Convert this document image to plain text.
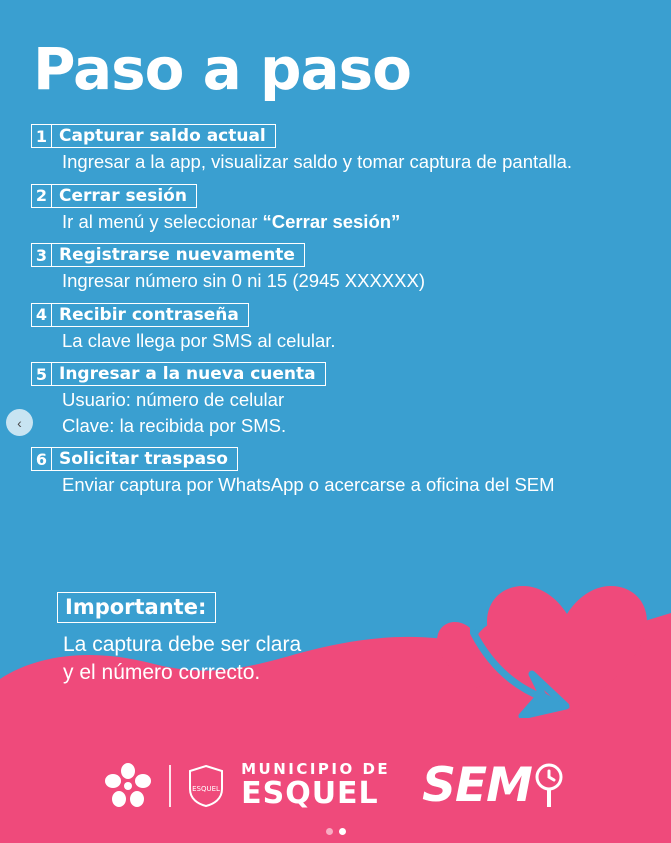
Paso a paso
1 Capturar saldo actual
Ingresar a la app, visualizar saldo y tomar captura de pantalla.
2 Cerrar sesión
Ir al menú y seleccionar “Cerrar sesión”
3 Registrarse nuevamente
Ingresar número sin 0 ni 15 (2945 XXXXXX)
4 Recibir contraseña
La clave llega por SMS al celular.
5 Ingresar a la nueva cuenta
Usuario: número de celular
Clave: la recibida por SMS.
6 Solicitar traspaso
Enviar captura por WhatsApp o acercarse a oficina del SEM
Importante:
La captura debe ser clara
y el número correcto.
ESQUEL
MUNICIPIO DE
ESQUEL SEM
‹
